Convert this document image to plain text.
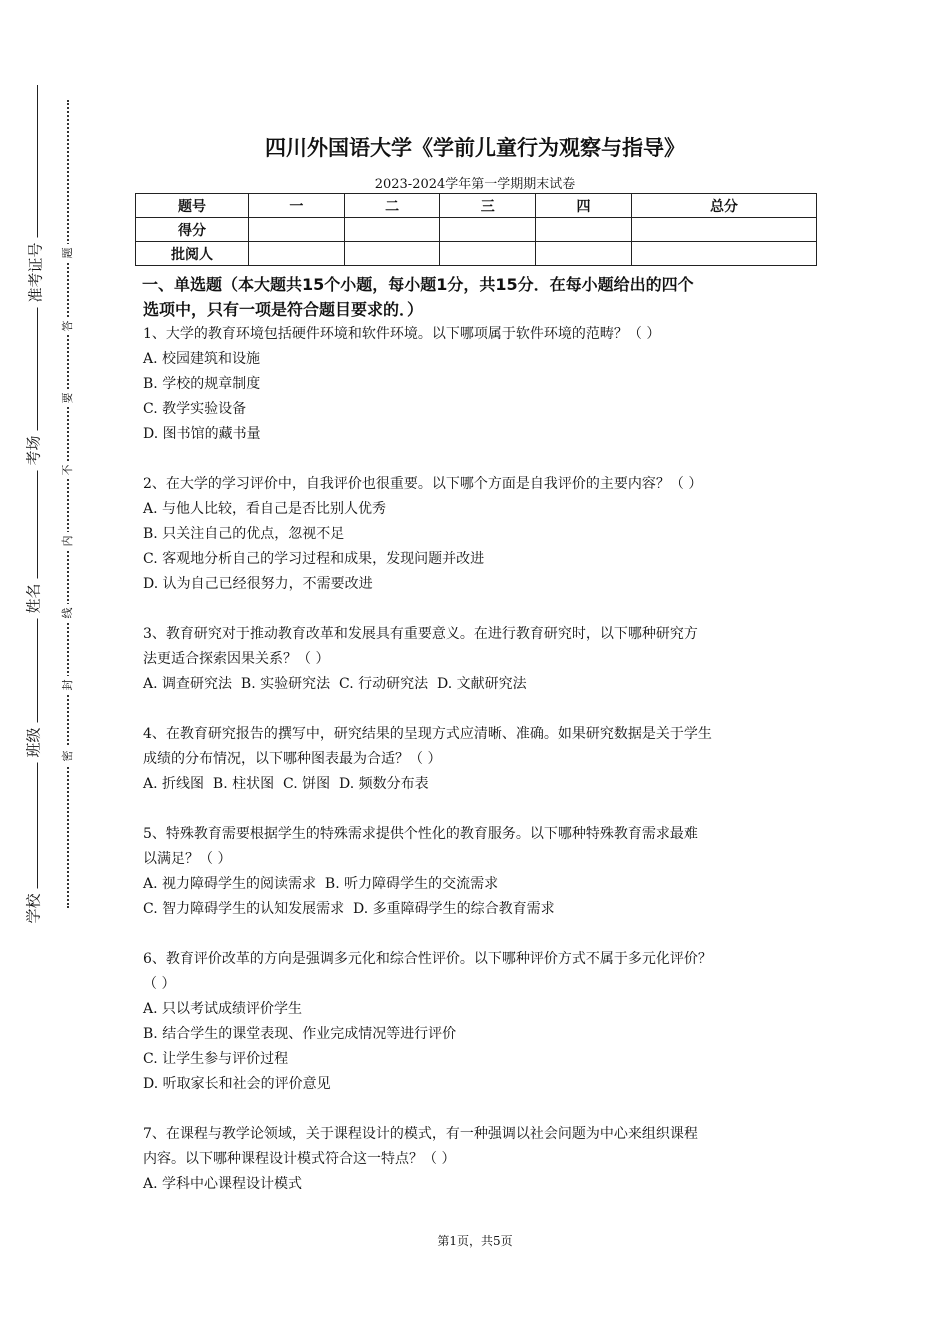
准考证号
考场
姓名
班级
学校
题
答
要
不
内
线
封
密
四川外国语大学《学前儿童行为观察与指导》
2023-2024学年第一学期期末试卷
题号	一	二	三	四	总分
得分					
批阅人					
一、单选题（本大题共15个小题，每小题1分，共15分．在每小题给出的四个
选项中，只有一项是符合题目要求的．）
1、大学的教育环境包括硬件环境和软件环境。以下哪项属于软件环境的范畴？（ ）
A. 校园建筑和设施
B. 学校的规章制度
C. 教学实验设备
D. 图书馆的藏书量
2、在大学的学习评价中，自我评价也很重要。以下哪个方面是自我评价的主要内容？（ ）
A. 与他人比较，看自己是否比别人优秀
B. 只关注自己的优点，忽视不足
C. 客观地分析自己的学习过程和成果，发现问题并改进
D. 认为自己已经很努力，不需要改进
3、教育研究对于推动教育改革和发展具有重要意义。在进行教育研究时，以下哪种研究方
法更适合探索因果关系？（ ）
A. 调查研究法  B. 实验研究法  C. 行动研究法  D. 文献研究法
4、在教育研究报告的撰写中，研究结果的呈现方式应清晰、准确。如果研究数据是关于学生
成绩的分布情况，以下哪种图表最为合适？（ ）
A. 折线图  B. 柱状图  C. 饼图  D. 频数分布表
5、特殊教育需要根据学生的特殊需求提供个性化的教育服务。以下哪种特殊教育需求最难
以满足？（ ）
A. 视力障碍学生的阅读需求  B. 听力障碍学生的交流需求
C. 智力障碍学生的认知发展需求  D. 多重障碍学生的综合教育需求
6、教育评价改革的方向是强调多元化和综合性评价。以下哪种评价方式不属于多元化评价？
（ ）
A. 只以考试成绩评价学生
B. 结合学生的课堂表现、作业完成情况等进行评价
C. 让学生参与评价过程
D. 听取家长和社会的评价意见
7、在课程与教学论领域，关于课程设计的模式，有一种强调以社会问题为中心来组织课程
内容。以下哪种课程设计模式符合这一特点？（ ）
A. 学科中心课程设计模式
第1页，共5页
